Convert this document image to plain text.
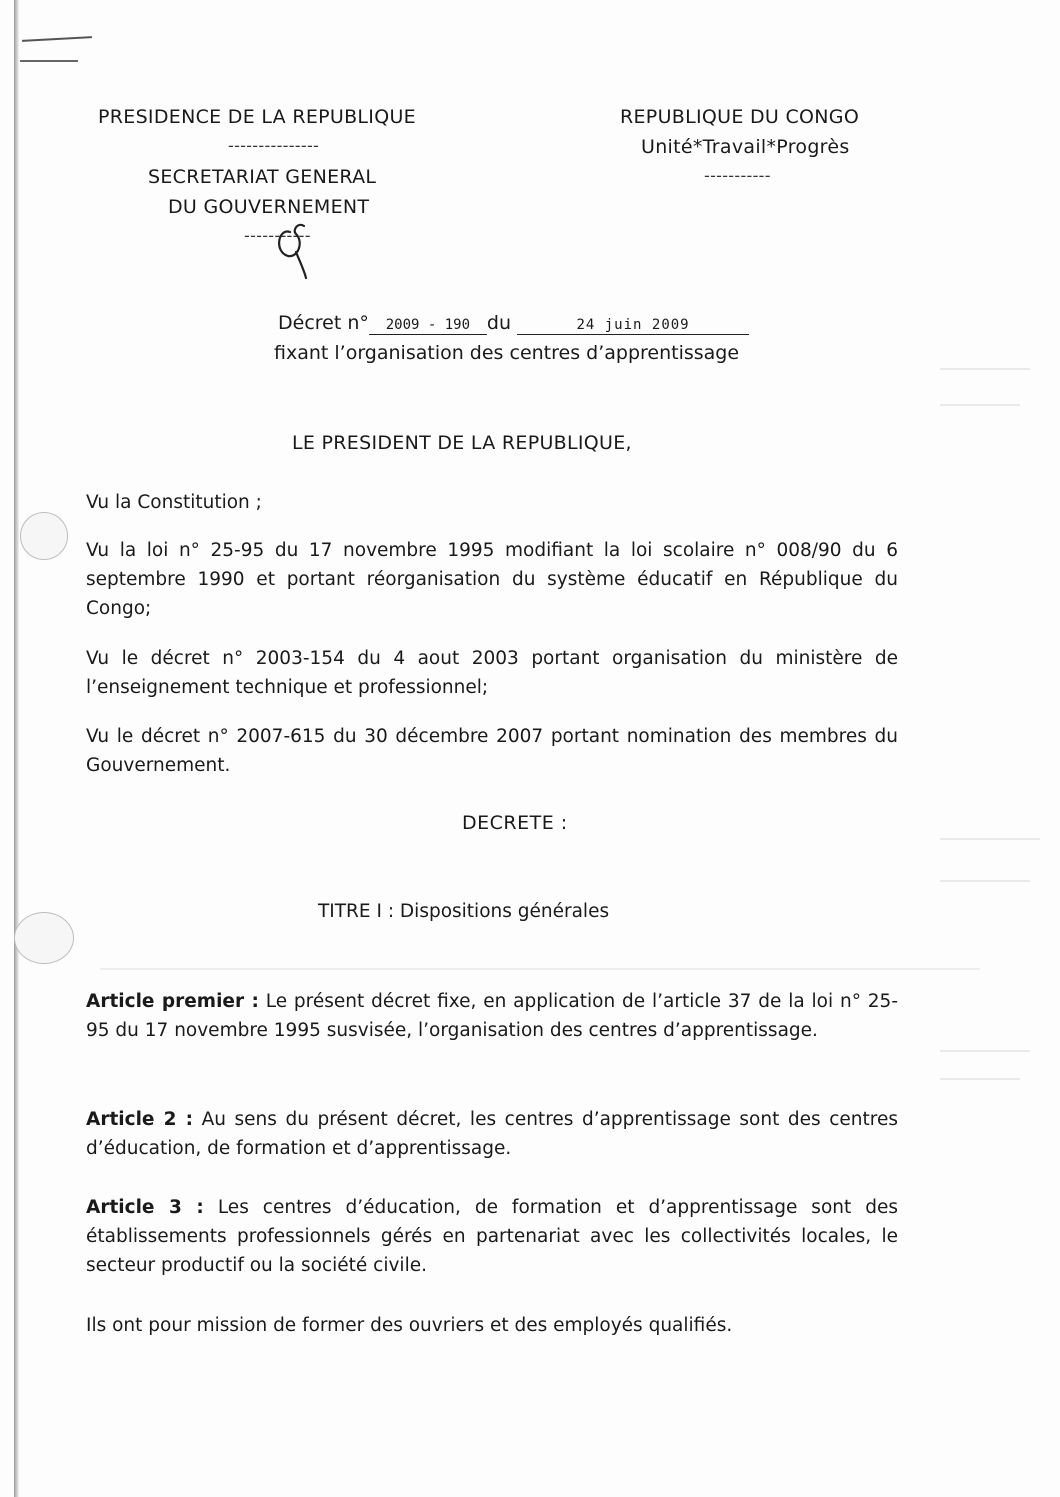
PRESIDENCE DE LA REPUBLIQUE
---------------
SECRETARIAT GENERAL
DU GOUVERNEMENT
-----------
REPUBLIQUE DU CONGO
Unité*Travail*Progrès
-----------
Décret n° 2009 - 190 du	24 juin 2009
fixant l’organisation des centres d’apprentissage
LE PRESIDENT DE LA REPUBLIQUE,
Vu la Constitution ;
Vu la loi n° 25-95 du 17 novembre 1995 modifiant la loi scolaire n° 008/90 du 6 septembre 1990 et portant réorganisation du système éducatif en République du Congo;
Vu le décret n° 2003-154 du 4 aout 2003 portant organisation du ministère de l’enseignement technique et professionnel;
Vu le décret n° 2007-615 du 30 décembre 2007 portant nomination des membres du Gouvernement.
DECRETE :
TITRE I : Dispositions générales
Article premier : Le présent décret fixe, en application de l’article 37 de la loi n° 25-95 du 17 novembre 1995 susvisée, l’organisation des centres d’apprentissage.
Article 2 : Au sens du présent décret, les centres d’apprentissage sont des centres d’éducation, de formation et d’apprentissage.
Article 3 : Les centres d’éducation, de formation et d’apprentissage sont des établissements professionnels gérés en partenariat avec les collectivités locales, le secteur productif ou la société civile.
Ils ont pour mission de former des ouvriers et des employés qualifiés.
